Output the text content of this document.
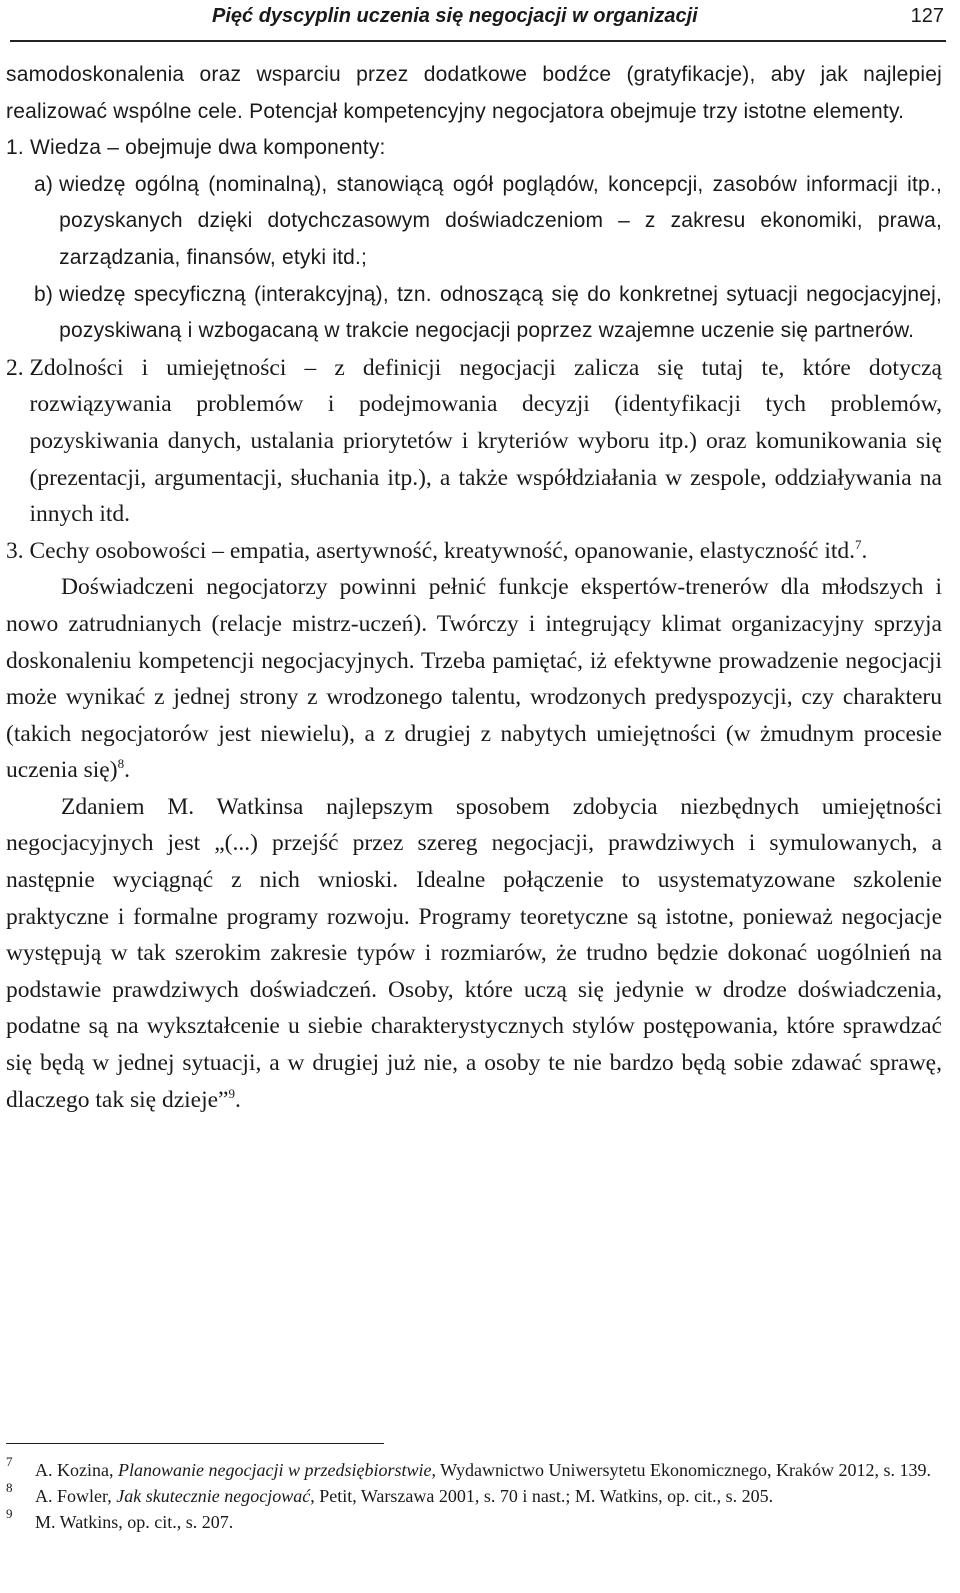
Pięć dyscyplin uczenia się negocjacji w organizacji	127

samodoskonalenia oraz wsparciu przez dodatkowe bodźce (gratyfikacje), aby jak najlepiej realizować wspólne cele. Potencjał kompetencyjny negocjatora obejmuje trzy istotne elementy.

1. Wiedza – obejmuje dwa komponenty:
a) wiedzę ogólną (nominalną), stanowiącą ogół poglądów, koncepcji, zasobów informacji itp., pozyskanych dzięki dotychczasowym doświadczeniom – z zakresu ekonomiki, prawa, zarządzania, finansów, etyki itd.;
b) wiedzę specyficzną (interakcyjną), tzn. odnoszącą się do konkretnej sytuacji negocjacyjnej, pozyskiwaną i wzbogacaną w trakcie negocjacji poprzez wzajemne uczenie się partnerów.
2. Zdolności i umiejętności – z definicji negocjacji zalicza się tutaj te, które dotyczą rozwiązywania problemów i podejmowania decyzji (identyfikacji tych problemów, pozyskiwania danych, ustalania priorytetów i kryteriów wyboru itp.) oraz komunikowania się (prezentacji, argumentacji, słuchania itp.), a także współdziałania w zespole, oddziaływania na innych itd.
3. Cechy osobowości – empatia, asertywność, kreatywność, opanowanie, elastyczność itd.$^7$.

Doświadczeni negocjatorzy powinni pełnić funkcje ekspertów-trenerów dla młodszych i nowo zatrudnianych (relacje mistrz-uczeń). Twórczy i integrujący klimat organizacyjny sprzyja doskonaleniu kompetencji negocjacyjnych. Trzeba pamiętać, iż efektywne prowadzenie negocjacji może wynikać z jednej strony z wrodzonego talentu, wrodzonych predyspozycji, czy charakteru (takich negocjatorów jest niewielu), a z drugiej z nabytych umiejętności (w żmudnym procesie uczenia się)$^8$.

Zdaniem M. Watkinsa najlepszym sposobem zdobycia niezbędnych umiejętności negocjacyjnych jest „(...) przejść przez szereg negocjacji, prawdziwych i symulowanych, a następnie wyciągnąć z nich wnioski. Idealne połączenie to usystematyzowane szkolenie praktyczne i formalne programy rozwoju. Programy teoretyczne są istotne, ponieważ negocjacje występują w tak szerokim zakresie typów i rozmiarów, że trudno będzie dokonać uogólnień na podstawie prawdziwych doświadczeń. Osoby, które uczą się jedynie w drodze doświadczenia, podatne są na wykształcenie u siebie charakterystycznych stylów postępowania, które sprawdzać się będą w jednej sytuacji, a w drugiej już nie, a osoby te nie bardzo będą sobie zdawać sprawę, dlaczego tak się dzieje”$^9$.

7	A. Kozina, Planowanie negocjacji w przedsiębiorstwie, Wydawnictwo Uniwersytetu Ekonomicznego, Kraków 2012, s. 139.
8	A. Fowler, Jak skutecznie negocjować, Petit, Warszawa 2001, s. 70 i nast.; M. Watkins, op. cit., s. 205.
9	M. Watkins, op. cit., s. 207.
